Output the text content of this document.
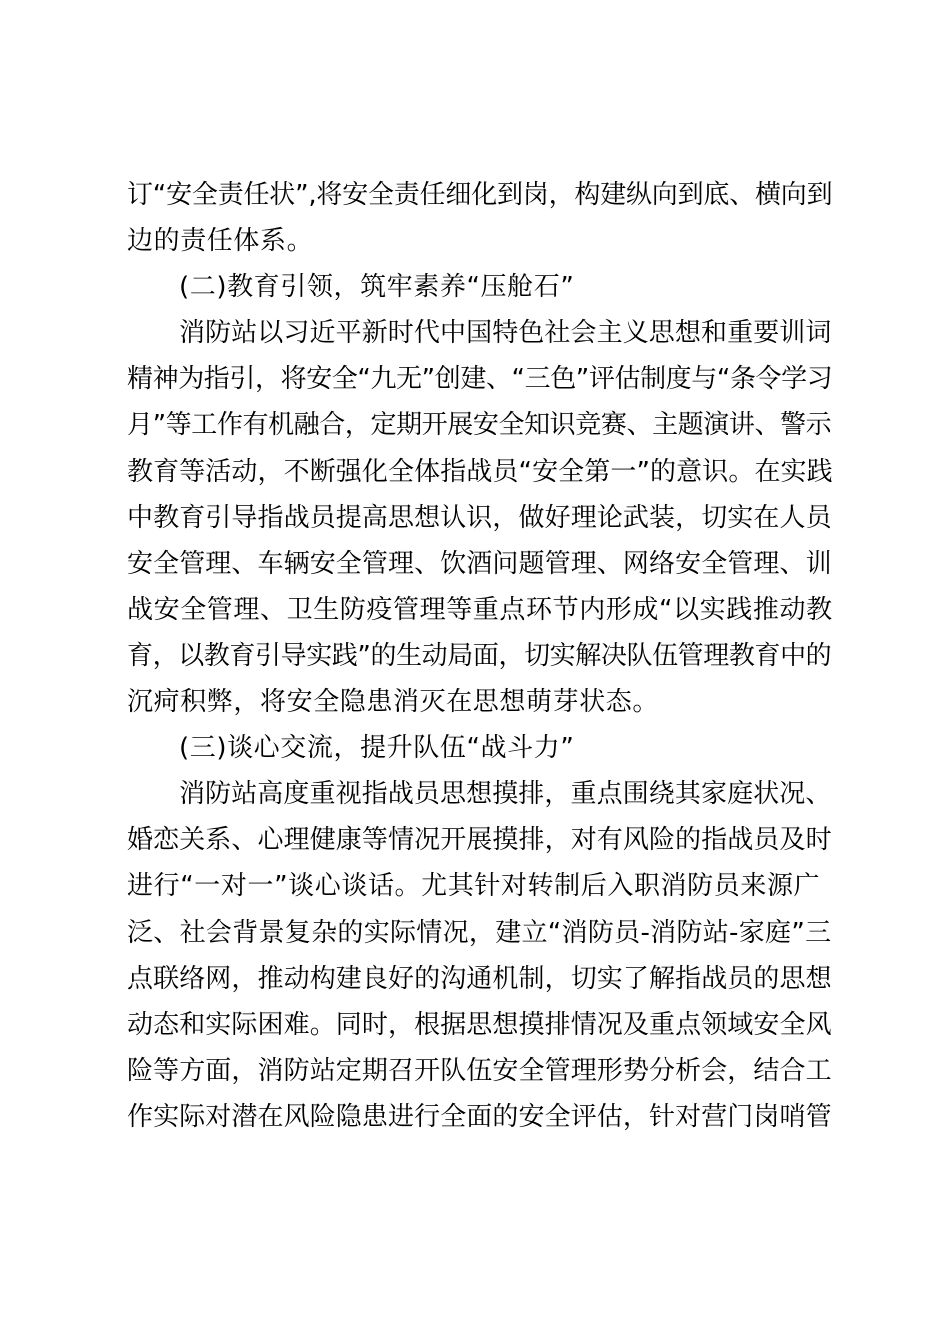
订“安全责任状”,将安全责任细化到岗，构建纵向到底、横向到
边的责任体系。
(二)教育引领，筑牢素养“压舱石”
消防站以习近平新时代中国特色社会主义思想和重要训词
精神为指引，将安全“九无”创建、“三色”评估制度与“条令学习
月”等工作有机融合，定期开展安全知识竞赛、主题演讲、警示
教育等活动，不断强化全体指战员“安全第一”的意识。在实践
中教育引导指战员提高思想认识，做好理论武装，切实在人员
安全管理、车辆安全管理、饮酒问题管理、网络安全管理、训
战安全管理、卫生防疫管理等重点环节内形成“以实践推动教
育，以教育引导实践”的生动局面，切实解决队伍管理教育中的
沉疴积弊，将安全隐患消灭在思想萌芽状态。
(三)谈心交流，提升队伍“战斗力”
消防站高度重视指战员思想摸排，重点围绕其家庭状况、
婚恋关系、心理健康等情况开展摸排，对有风险的指战员及时
进行“一对一”谈心谈话。尤其针对转制后入职消防员来源广
泛、社会背景复杂的实际情况，建立“消防员-消防站-家庭”三
点联络网，推动构建良好的沟通机制，切实了解指战员的思想
动态和实际困难。同时，根据思想摸排情况及重点领域安全风
险等方面，消防站定期召开队伍安全管理形势分析会，结合工
作实际对潜在风险隐患进行全面的安全评估，针对营门岗哨管
